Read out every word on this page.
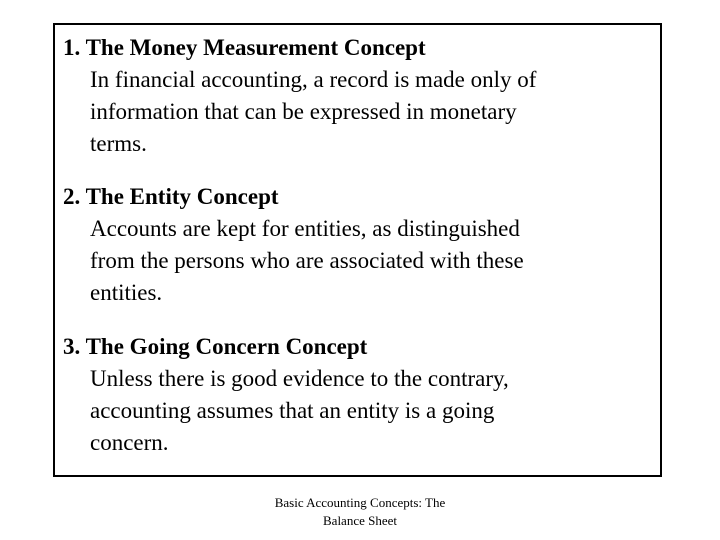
1. The Money Measurement Concept
In financial accounting, a record is made only of
information that can be expressed in monetary
terms.
2. The Entity Concept
Accounts are kept for entities, as distinguished
from the persons who are associated with these
entities.
3. The Going Concern Concept
Unless there is good evidence to the contrary,
accounting assumes that an entity is a going
concern.
Basic Accounting Concepts: The
Balance Sheet
